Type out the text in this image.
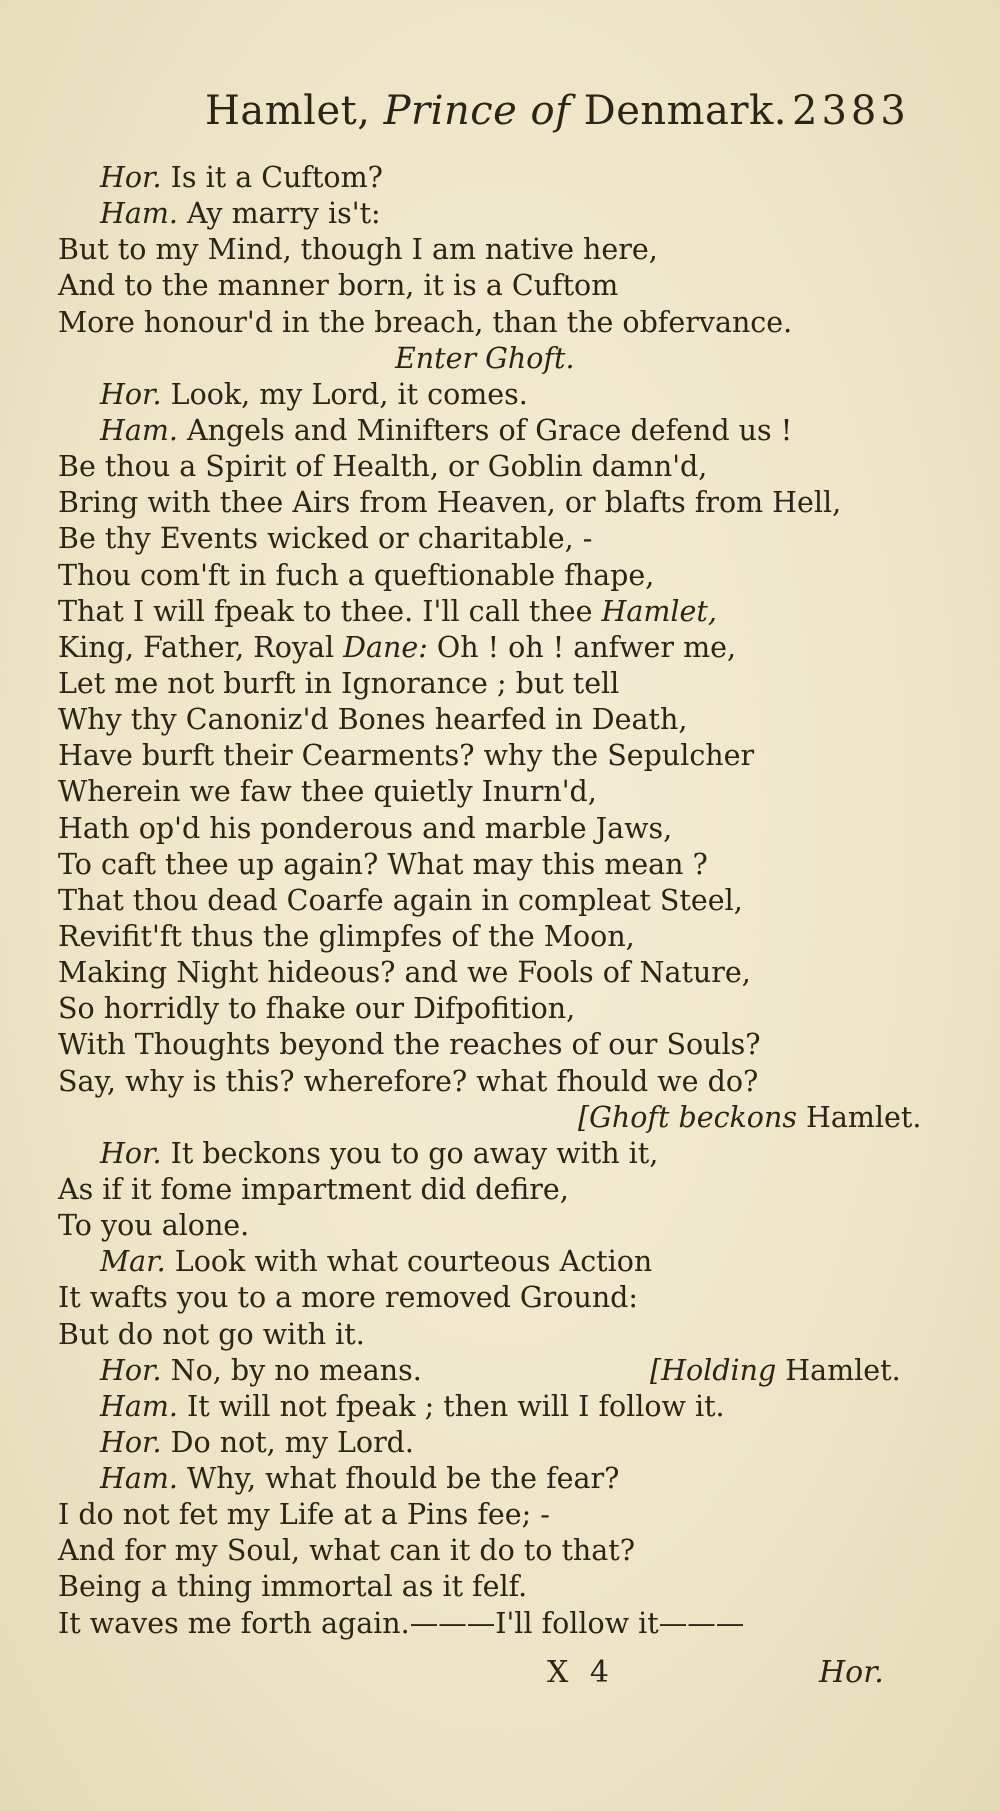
Hamlet, Prince of Denmark. 2383
Hor. Is it a Cuftom?
Ham. Ay marry is't:
But to my Mind, though I am native here,
And to the manner born, it is a Cuftom
More honour'd in the breach, than the obfervance.
Enter Ghoft.
Hor. Look, my Lord, it comes.
Ham. Angels and Minifters of Grace defend us !
Be thou a Spirit of Health, or Goblin damn'd,
Bring with thee Airs from Heaven, or blafts from Hell,
Be thy Events wicked or charitable, -
Thou com'ft in fuch a queftionable fhape,
That I will fpeak to thee. I'll call thee Hamlet,
King, Father, Royal Dane: Oh ! oh ! anfwer me,
Let me not burft in Ignorance ; but tell
Why thy Canoniz'd Bones hearfed in Death,
Have burft their Cearments? why the Sepulcher
Wherein we faw thee quietly Inurn'd,
Hath op'd his ponderous and marble Jaws,
To caft thee up again? What may this mean ?
That thou dead Coarfe again in compleat Steel,
Revifit'ft thus the glimpfes of the Moon,
Making Night hideous? and we Fools of Nature,
So horridly to fhake our Difpofition,
With Thoughts beyond the reaches of our Souls?
Say, why is this? wherefore? what fhould we do?
[Ghoft beckons Hamlet.
Hor. It beckons you to go away with it,
As if it fome impartment did defire,
To you alone.
Mar. Look with what courteous Action
It wafts you to a more removed Ground:
But do not go with it.
Hor. No, by no means.	[Holding Hamlet.
Ham. It will not fpeak ; then will I follow it.
Hor. Do not, my Lord.
Ham. Why, what fhould be the fear?
I do not fet my Life at a Pins fee; -
And for my Soul, what can it do to that?
Being a thing immortal as it felf.
It waves me forth again.———I'll follow it———
X 4	Hor.
